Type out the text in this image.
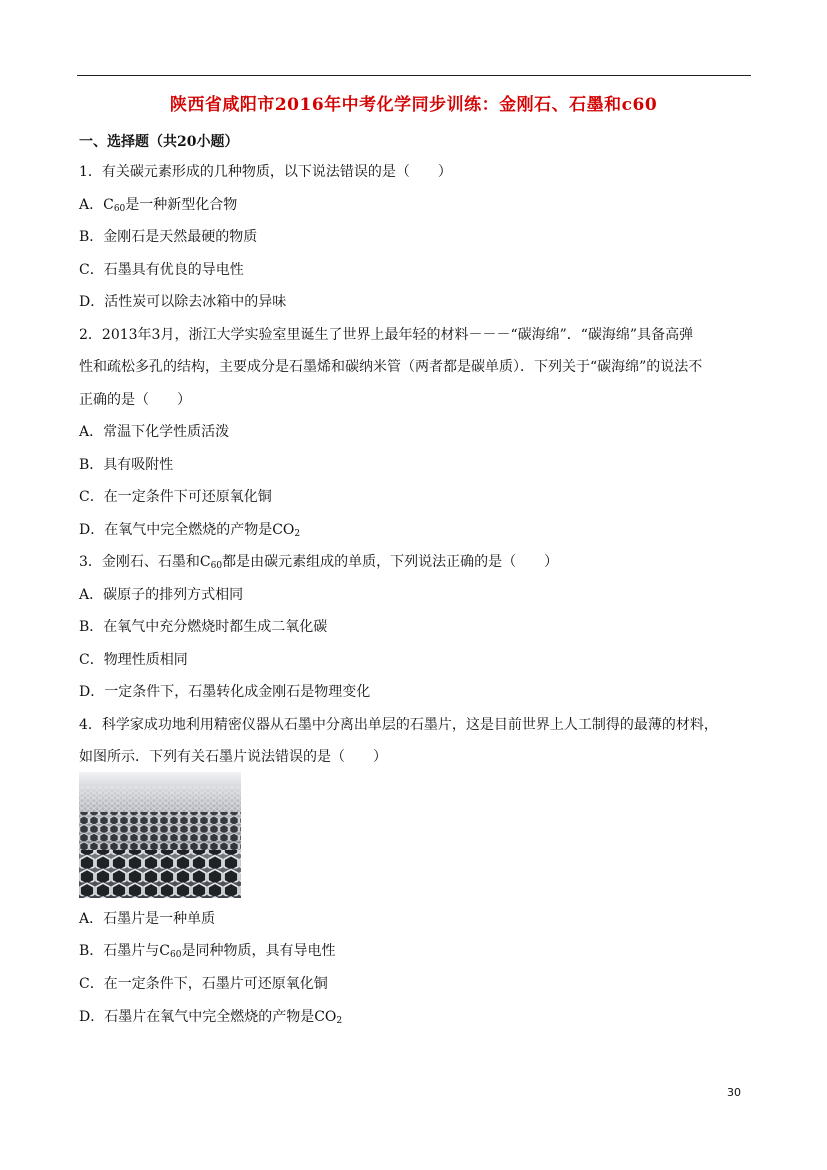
陕西省咸阳市2016年中考化学同步训练：金刚石、石墨和c60
一、选择题（共20小题）
1．有关碳元素形成的几种物质，以下说法错误的是（　　）
A．$C_{60}$是一种新型化合物
B．金刚石是天然最硬的物质
C．石墨具有优良的导电性
D．活性炭可以除去冰箱中的异味
2．2013年3月，浙江大学实验室里诞生了世界上最年轻的材料－－－“碳海绵”．“碳海绵”具备高弹
性和疏松多孔的结构，主要成分是石墨烯和碳纳米管（两者都是碳单质）．下列关于“碳海绵”的说法不
正确的是（　　）
A．常温下化学性质活泼
B．具有吸附性
C．在一定条件下可还原氧化铜
D．在氧气中完全燃烧的产物是$CO_2$
3．金刚石、石墨和$C_{60}$都是由碳元素组成的单质，下列说法正确的是（　　）
A．碳原子的排列方式相同
B．在氧气中充分燃烧时都生成二氧化碳
C．物理性质相同
D．一定条件下，石墨转化成金刚石是物理变化
4．科学家成功地利用精密仪器从石墨中分离出单层的石墨片，这是目前世界上人工制得的最薄的材料，
如图所示．下列有关石墨片说法错误的是（　　）
A．石墨片是一种单质
B．石墨片与$C_{60}$是同种物质，具有导电性
C．在一定条件下，石墨片可还原氧化铜
D．石墨片在氧气中完全燃烧的产物是$CO_2$
30
